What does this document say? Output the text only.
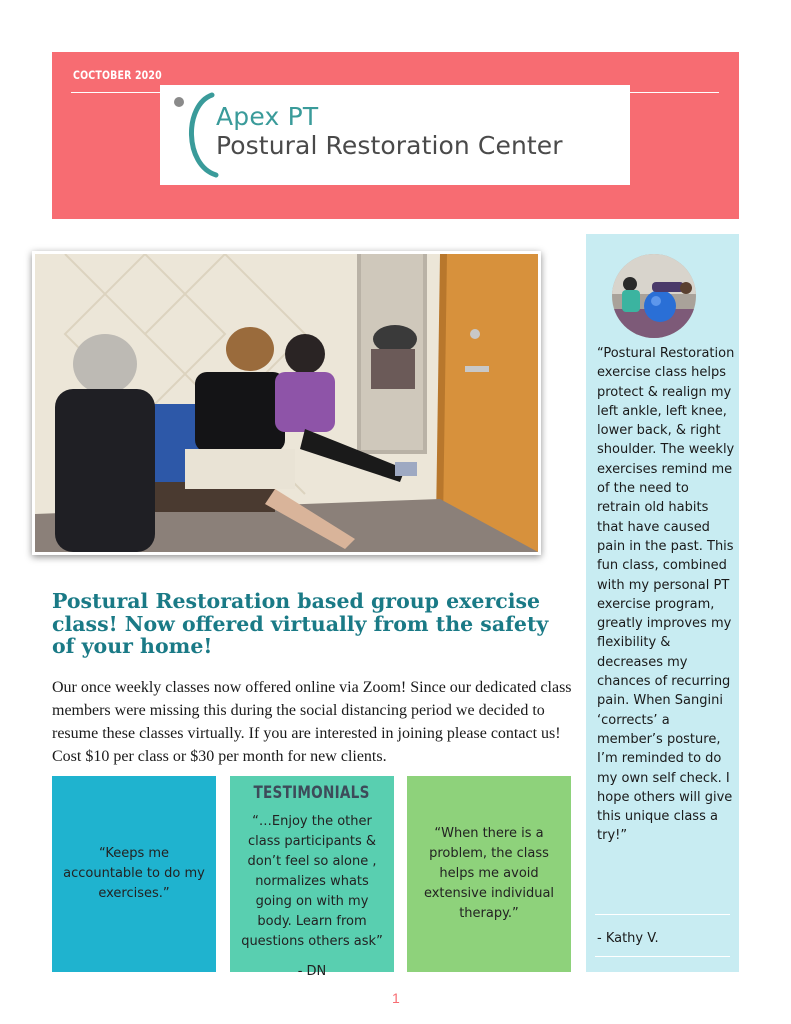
COCTOBER 2020
Apex PT
Postural Restoration Center
Postural Restoration based group exercise class! Now offered virtually from the safety of your home!
Our once weekly classes now offered online via Zoom! Since our dedicated class members were missing this during the social distancing period we decided to resume these classes virtually. If you are interested in joining please contact us! Cost $10 per class or $30 per month for new clients.
“Keeps me accountable to do my exercises.”
TESTIMONIALS
“…Enjoy the other class participants & don’t feel so alone , normalizes whats going on with my body. Learn from questions others ask”
- DN
“When there is a problem, the class helps me avoid extensive individual therapy.”
“Postural Restoration exercise class helps protect & realign my left ankle, left knee, lower back, & right shoulder. The weekly exercises remind me of the need to retrain old habits that have caused pain in the past. This fun class, combined with my personal PT exercise program, greatly improves my flexibility & decreases my chances of recurring pain. When Sangini ‘corrects’ a member’s posture, I’m reminded to do my own self check. I hope others will give this unique class a try!”
- Kathy V.
1
